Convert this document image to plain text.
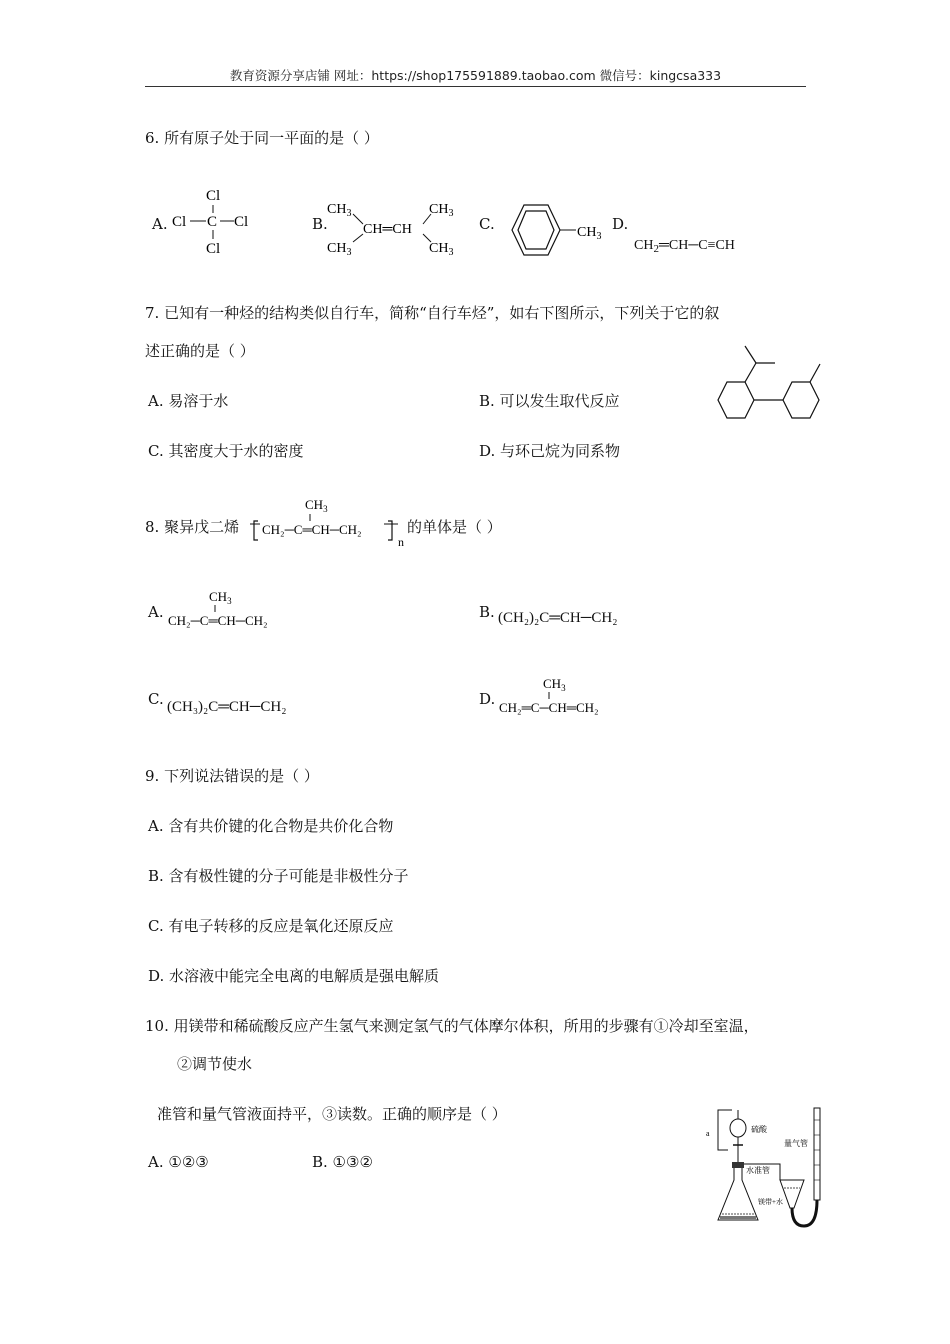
教育资源分享店铺 网址：https://shop175591889.taobao.com 微信号：kingcsa333
6. 所有原子处于同一平面的是（ ）
A.
Cl
Cl C Cl
Cl
B.
$CH_3$
$CH_3$
CH═CH
$CH_3$
$CH_3$
C.	$CH_3$
D.
$CH_2═CH─C\equiv CH$
7. 已知有一种烃的结构类似自行车，简称“自行车烃”，如右下图所示，下列关于它的叙
述正确的是（ ）
A. 易溶于水	B. 可以发生取代反应
C. 其密度大于水的密度	D. 与环己烷为同系物
8. 聚异戊二烯
$CH_3$
CH₂─C═CH─CH₂
n
的单体是（ ）
A.
$CH_3$
CH₂─C═CH─CH₂	B. (CH₂)₂C═CH─CH₂
C. (CH₃)₂C═CH─CH₂	D.
$CH_3$
CH₂═C─CH═CH₂
9. 下列说法错误的是（ ）
A. 含有共价键的化合物是共价化合物
B. 含有极性键的分子可能是非极性分子
C. 有电子转移的反应是氧化还原反应
D. 水溶液中能完全电离的电解质是强电解质
10. 用镁带和稀硫酸反应产生氢气来测定氢气的气体摩尔体积，所用的步骤有①冷却至室温，
②调节使水
准管和量气管液面持平，③读数。正确的顺序是（ ）
A. ①②③	B. ①③②
a	硫酸
水准管
量气管
镁带+水
